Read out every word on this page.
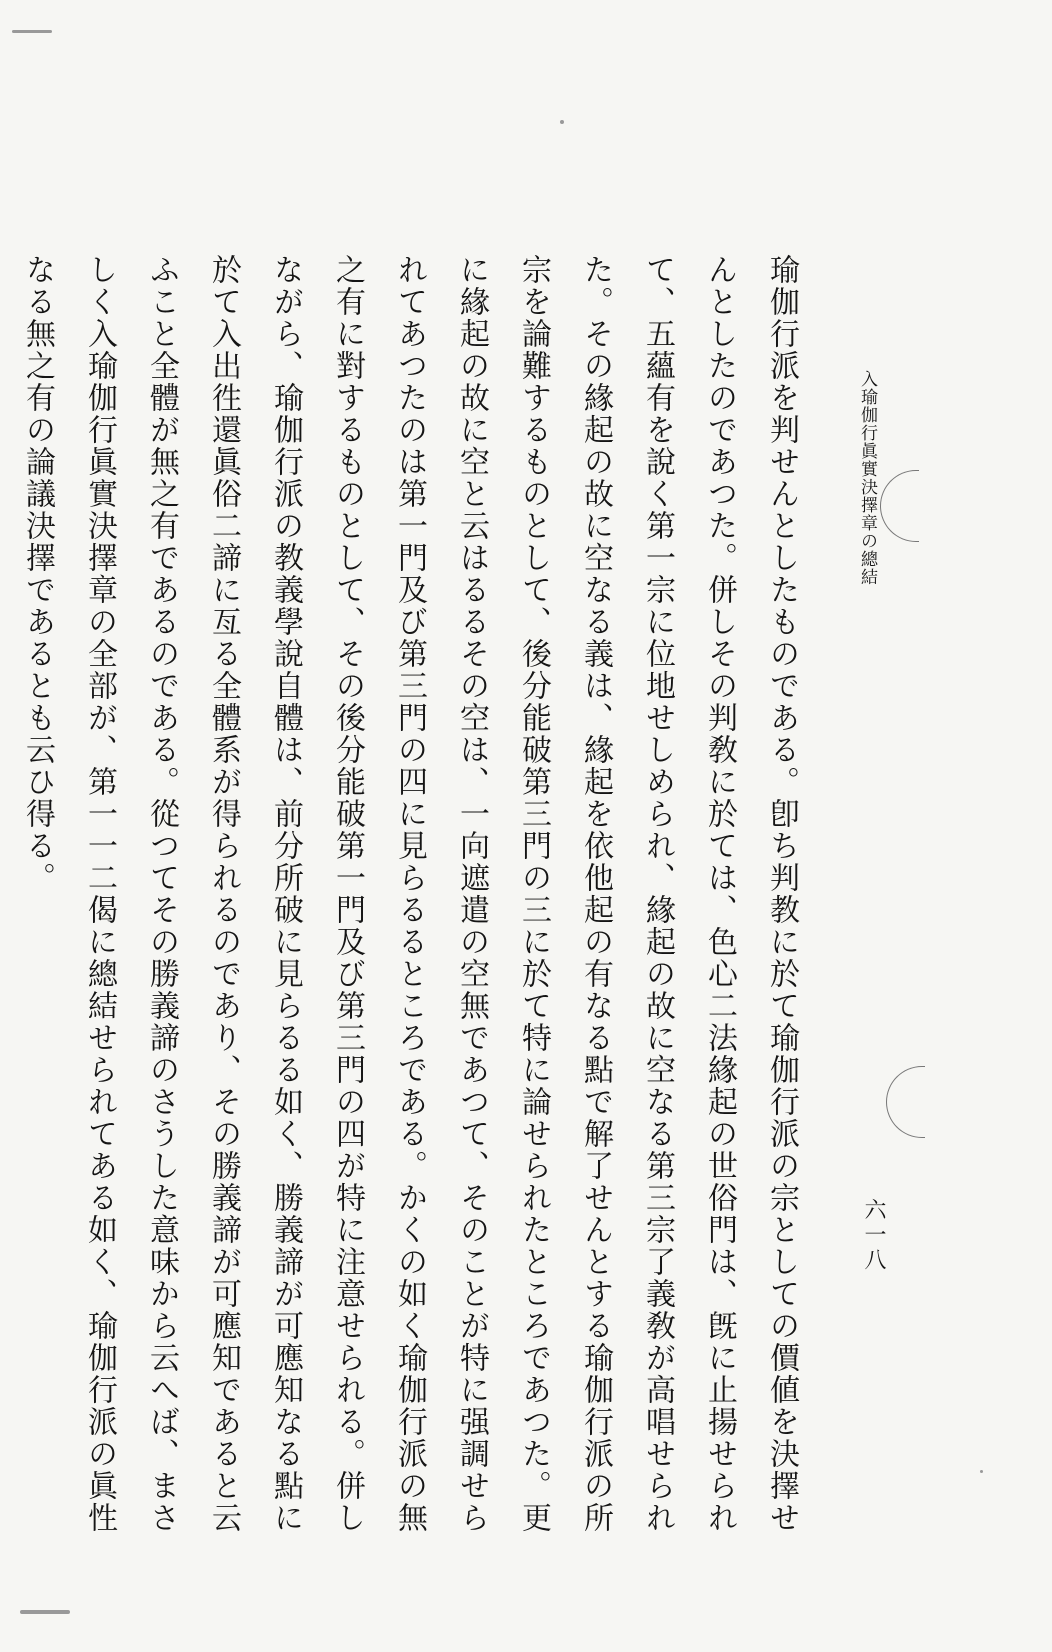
入瑜伽行眞實決擇章の總結
六一八

瑜伽行派を判せんとしたものである。卽ち判教に於て瑜伽行派の宗としての價値を決擇せんとしたのであつた。併しその判敎に於ては、色心二法緣起の世俗門は、旣に止揚せられて、五蘊有を說く第一宗に位地せしめられ、緣起の故に空なる第三宗了義敎が高唱せられた。その緣起の故に空なる義は、緣起を依他起の有なる點で解了せんとする瑜伽行派の所宗を論難するものとして、後分能破第三門の三に於て特に論せられたところであつた。更に緣起の故に空と云はるるその空は、一向遮遣の空無であつて、そのことが特に强調せられてあつたのは第一門及び第三門の四に見らるるところである。かくの如く瑜伽行派の無之有に對するものとして、その後分能破第一門及び第三門の四が特に注意せられる。併しながら、瑜伽行派の教義學說自體は、前分所破に見らるる如く、勝義諦が可應知なる點に於て入出徃還眞俗二諦に亙る全體系が得られるのであり、その勝義諦が可應知であると云ふこと全體が無之有であるのである。從つてその勝義諦のさうした意味から云へば、まさしく入瑜伽行眞實決擇章の全部が、第一一二偈に總結せられてある如く、瑜伽行派の眞性なる無之有の論議決擇であるとも云ひ得る。
